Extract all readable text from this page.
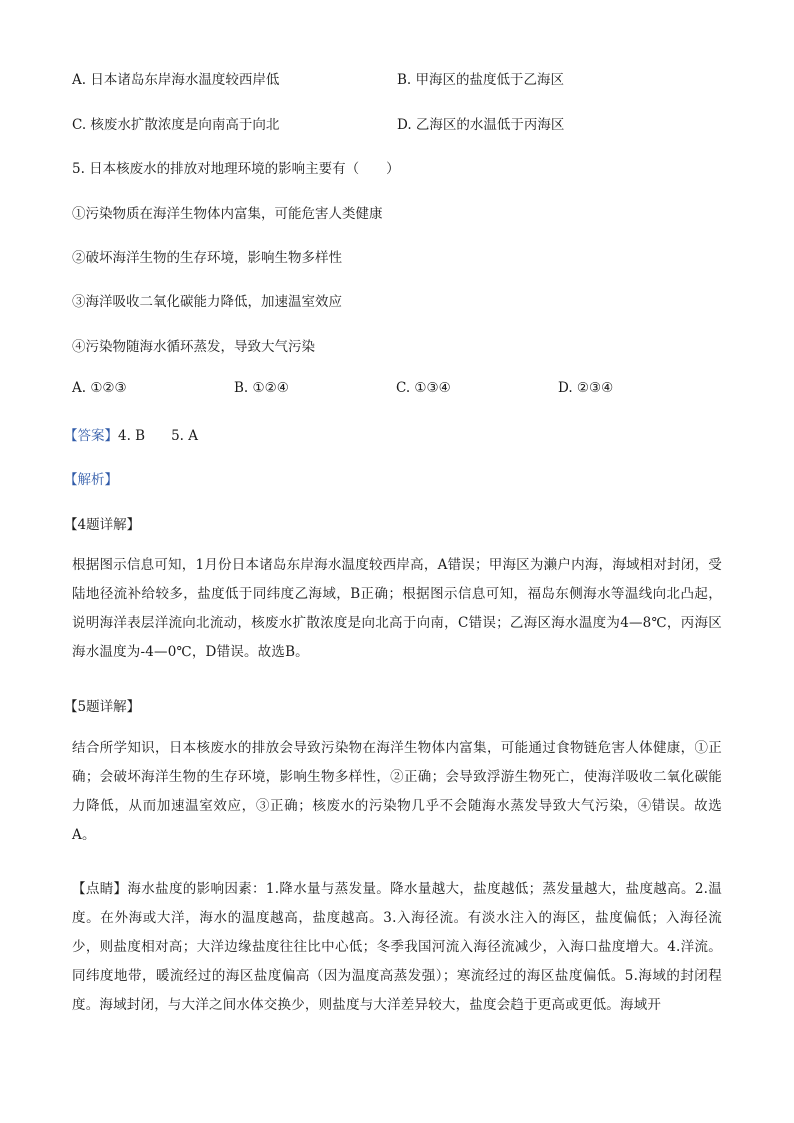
A. 日本诸岛东岸海水温度较西岸低	B. 甲海区的盐度低于乙海区
C. 核废水扩散浓度是向南高于向北	D. 乙海区的水温低于丙海区
5. 日本核废水的排放对地理环境的影响主要有（　　）
①污染物质在海洋生物体内富集，可能危害人类健康
②破坏海洋生物的生存环境，影响生物多样性
③海洋吸收二氧化碳能力降低，加速温室效应
④污染物随海水循环蒸发，导致大气污染
A. ①②③	B. ①②④	C. ①③④	D. ②③④
【答案】4. B 5. A
【解析】
【4题详解】
根据图示信息可知，1月份日本诸岛东岸海水温度较西岸高，A错误；甲海区为濑户内海，海域相对封闭，受陆地径流补给较多，盐度低于同纬度乙海域，B正确；根据图示信息可知，福岛东侧海水等温线向北凸起，说明海洋表层洋流向北流动，核废水扩散浓度是向北高于向南，C错误；乙海区海水温度为4—8℃，丙海区海水温度为-4—0℃，D错误。故选B。
【5题详解】
结合所学知识，日本核废水的排放会导致污染物在海洋生物体内富集，可能通过食物链危害人体健康，①正确；会破坏海洋生物的生存环境，影响生物多样性，②正确；会导致浮游生物死亡，使海洋吸收二氧化碳能力降低，从而加速温室效应，③正确；核废水的污染物几乎不会随海水蒸发导致大气污染，④错误。故选A。
【点睛】海水盐度的影响因素：1.降水量与蒸发量。降水量越大，盐度越低；蒸发量越大，盐度越高。2.温度。在外海或大洋，海水的温度越高，盐度越高。3.入海径流。有淡水注入的海区，盐度偏低；入海径流少，则盐度相对高；大洋边缘盐度往往比中心低；冬季我国河流入海径流减少，入海口盐度增大。4.洋流。同纬度地带，暖流经过的海区盐度偏高（因为温度高蒸发强）；寒流经过的海区盐度偏低。5.海域的封闭程度。海域封闭，与大洋之间水体交换少，则盐度与大洋差异较大，盐度会趋于更高或更低。海域开
